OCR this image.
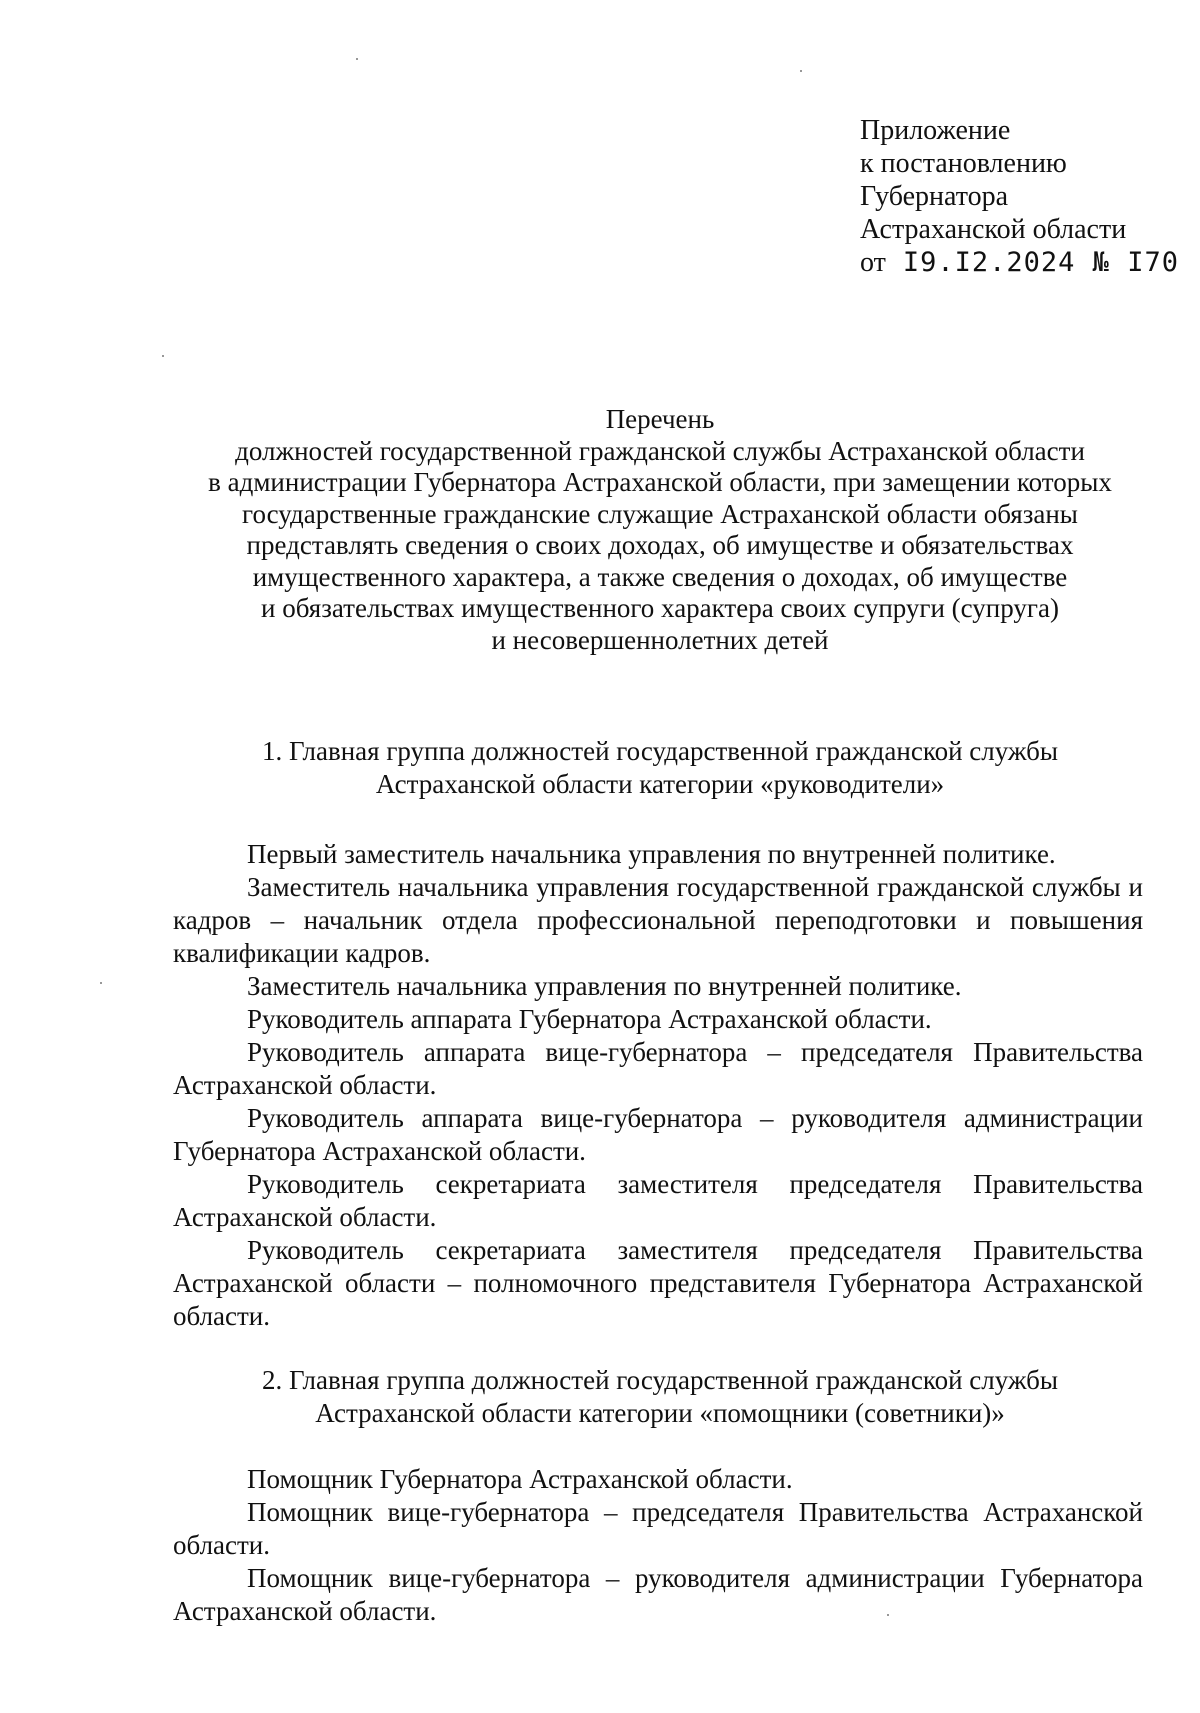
Приложение
к постановлению
Губернатора
Астраханской области
от I9.I2.2024 № I70
Перечень
должностей государственной гражданской службы Астраханской области
в администрации Губернатора Астраханской области, при замещении которых
государственные гражданские служащие Астраханской области обязаны
представлять сведения о своих доходах, об имуществе и обязательствах
имущественного характера, а также сведения о доходах, об имуществе
и обязательствах имущественного характера своих супруги (супруга)
и несовершеннолетних детей
1. Главная группа должностей государственной гражданской службы
Астраханской области категории «руководители»

Первый заместитель начальника управления по внутренней политике.

Заместитель начальника управления государственной гражданской службы и кадров – начальник отдела профессиональной переподготовки и повышения квалификации кадров.

Заместитель начальника управления по внутренней политике.

Руководитель аппарата Губернатора Астраханской области.

Руководитель аппарата вице-губернатора – председателя Правительства Астраханской области.

Руководитель аппарата вице-губернатора – руководителя администрации Губернатора Астраханской области.

Руководитель секретариата заместителя председателя Правительства Астраханской области.

Руководитель секретариата заместителя председателя Правительства Астраханской области – полномочного представителя Губернатора Астраханской области.

2. Главная группа должностей государственной гражданской службы
Астраханской области категории «помощники (советники)»

Помощник Губернатора Астраханской области.

Помощник вице-губернатора – председателя Правительства Астраханской области.

Помощник вице-губернатора – руководителя администрации Губернатора Астраханской области.
